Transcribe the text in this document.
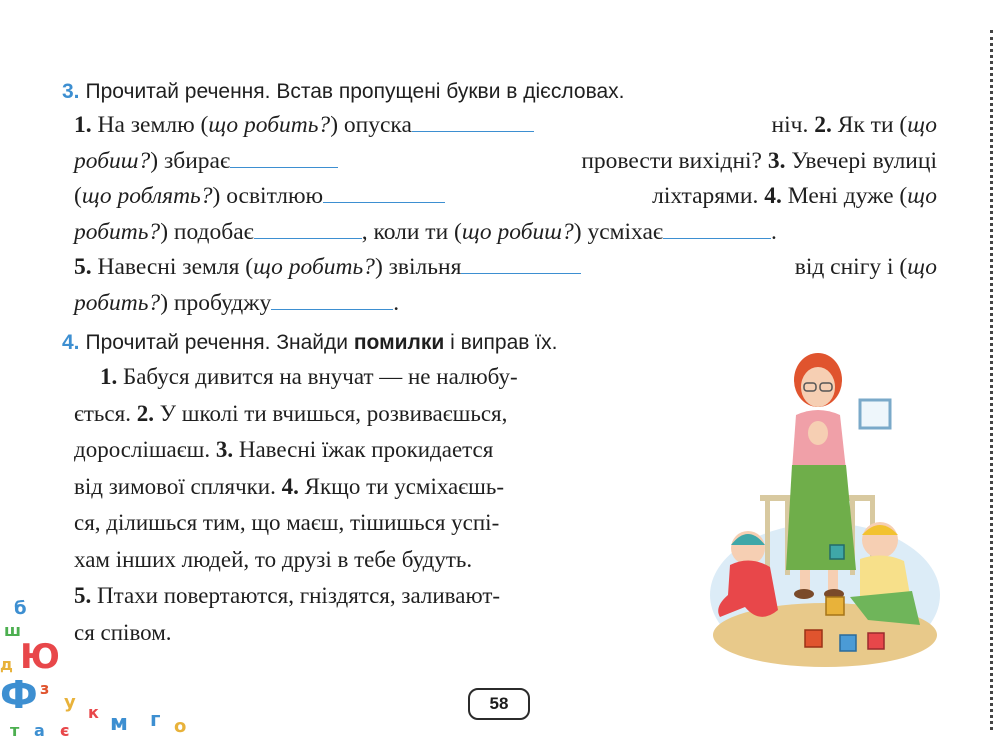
3. Прочитай речення. Встав пропущені букви в дієсловах.
1. На землю (що робить?) опуска	ніч. 2. Як ти (що
робиш?) збирає	провести вихідні? 3. Увечері вулиці
(що роблять?) освітлюю	ліхтарями. 4. Мені дуже (що
робить?) подобає	, коли ти (що робиш?) усміхає	.
5. Навесні земля (що робить?) звільня	від снігу і (що
робить?) пробуджу	.
4. Прочитай речення. Знайди помилки і виправ їх.
1. Бабуся дивится на внучат — не налюбу-
ється. 2. У школі ти вчишься, розвиваєшься,
дорослішаєш. 3. Навесні їжак прокидается
від зимової сплячки. 4. Якщо ти усміхаєшь-
ся, ділишься тим, що маєш, тішишься успі-
хам інших людей, то друзі в тебе будуть.
5. Птахи повертаются, гніздятся, заливают-
ся співом.
б
ш
Ю
д
Ф з
у к м г о
т а є
58
